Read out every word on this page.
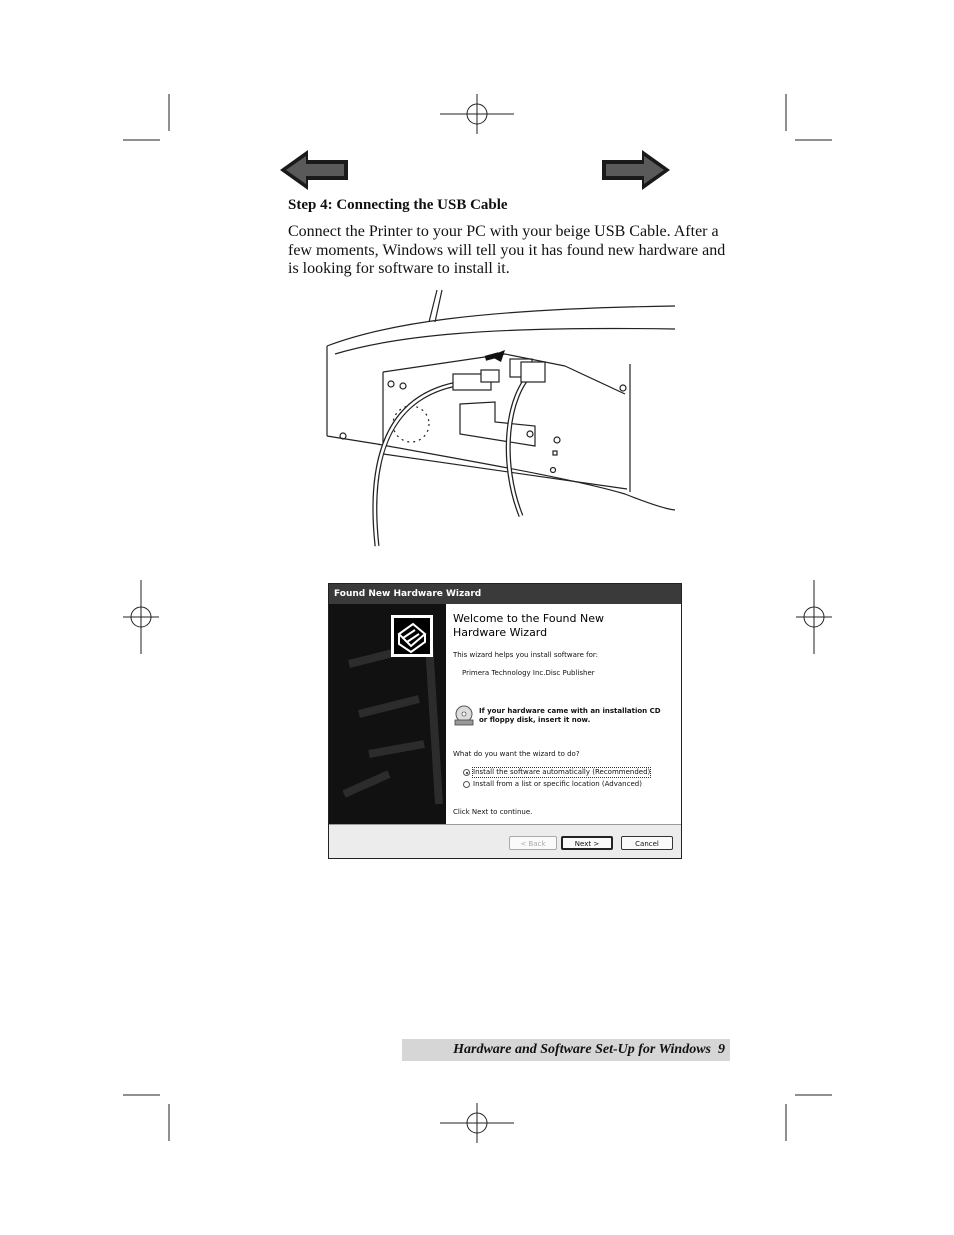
Step 4: Connecting the USB Cable
Connect the Printer to your PC with your beige USB Cable. After a few moments, Windows will tell you it has found new hardware and is looking for software to install it.
Found New Hardware Wizard
Welcome to the Found New
Hardware Wizard
This wizard helps you install software for:
Primera Technology Inc.Disc Publisher
If your hardware came with an installation CD
or floppy disk, insert it now.
What do you want the wizard to do?
Install the software automatically (Recommended)
Install from a list or specific location (Advanced)
Click Next to continue.
< Back	Next >	Cancel
Hardware and Software Set-Up for Windows 9
